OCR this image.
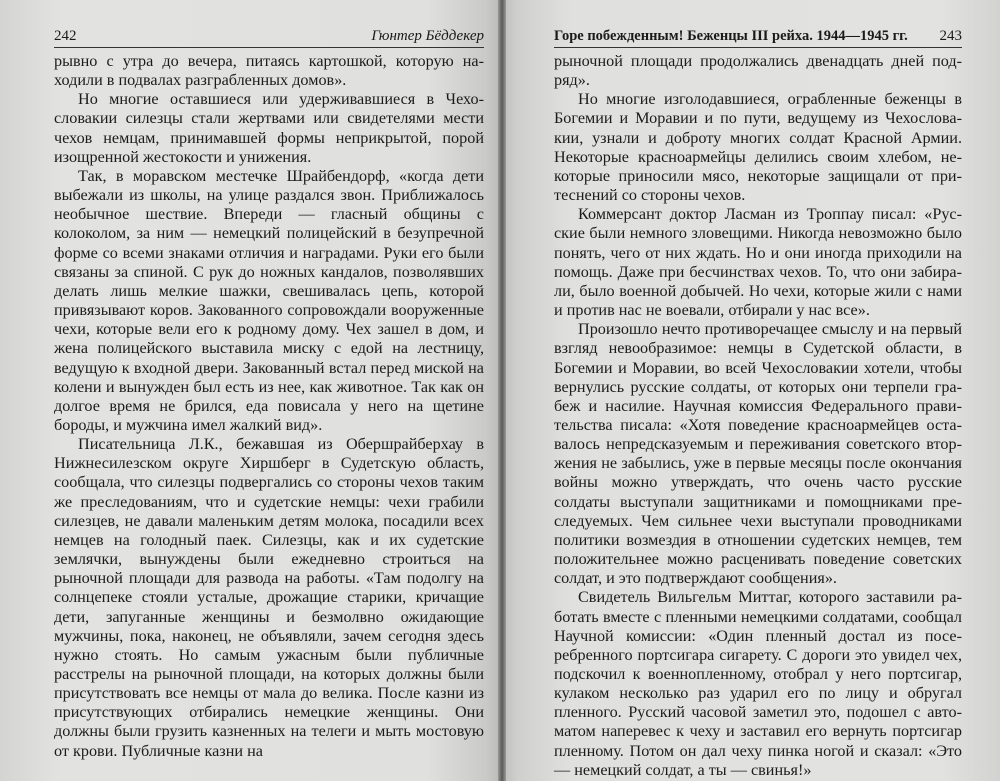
242	Гюнтер Бёддекер

рывно с утра до вечера, питаясь картошкой, которую находили в подвалах разграбленных домов».

Но многие оставшиеся или удерживавшиеся в Чехословакии силезцы стали жертвами или свидетелями мести чехов немцам, принимавшей формы неприкрытой, порой изощренной жестокости и унижения.

Так, в моравском местечке Шрайбендорф, «когда дети выбежали из школы, на улице раздался звон. Приближалось необычное шествие. Впереди — гласный общины с колоколом, за ним — немецкий полицейский в безупречной форме со всеми знаками отличия и наградами. Руки его были связаны за спиной. С рук до ножных кандалов, позволявших делать лишь мелкие шажки, свешивалась цепь, которой привязывают коров. Закованного сопровождали вооруженные чехи, которые вели его к родному дому. Чех зашел в дом, и жена полицейского выставила миску с едой на лестницу, ведущую к входной двери. Закованный встал перед миской на колени и вынужден был есть из нее, как животное. Так как он долгое время не брился, еда повисала у него на щетине бороды, и мужчина имел жалкий вид».

Писательница Л.К., бежавшая из Обершрайберхау в Нижнесилезском округе Хиршберг в Судетскую область, сообщала, что силезцы подвергались со стороны чехов таким же преследованиям, что и судетские немцы: чехи грабили силезцев, не давали маленьким детям молока, посадили всех немцев на голодный паек. Силезцы, как и их судетские землячки, вынуждены были ежедневно строиться на рыночной площади для развода на работы. «Там подолгу на солнцепеке стояли усталые, дрожащие старики, кричащие дети, запуганные женщины и безмолвно ожидающие мужчины, пока, наконец, не объявляли, зачем сегодня здесь нужно стоять. Но самым ужасным были публичные расстрелы на рыночной площади, на которых должны были присутствовать все немцы от мала до велика. После казни из присутствующих отбирались немецкие женщины. Они должны были грузить казненных на телеги и мыть мостовую от крови. Публичные казни на

Горе побежденным! Беженцы III рейха. 1944—1945 гг. 243

рыночной площади продолжались двенадцать дней подряд».

Но многие изголодавшиеся, ограбленные беженцы в Богемии и Моравии и по пути, ведущему из Чехословакии, узнали и доброту многих солдат Красной Армии. Некоторые красноармейцы делились своим хлебом, некоторые приносили мясо, некоторые защищали от притеснений со стороны чехов.

Коммерсант доктор Ласман из Троппау писал: «Русские были немного зловещими. Никогда невозможно было понять, чего от них ждать. Но и они иногда приходили на помощь. Даже при бесчинствах чехов. То, что они забирали, было военной добычей. Но чехи, которые жили с нами и против нас не воевали, отбирали у нас все».

Произошло нечто противоречащее смыслу и на первый взгляд невообразимое: немцы в Судетской области, в Богемии и Моравии, во всей Чехословакии хотели, чтобы вернулись русские солдаты, от которых они терпели грабеж и насилие. Научная комиссия Федерального правительства писала: «Хотя поведение красноармейцев оставалось непредсказуемым и переживания советского вторжения не забылись, уже в первые месяцы после окончания войны можно утверждать, что очень часто русские солдаты выступали защитниками и помощниками преследуемых. Чем сильнее чехи выступали проводниками политики возмездия в отношении судетских немцев, тем положительнее можно расценивать поведение советских солдат, и это подтверждают сообщения».

Свидетель Вильгельм Миттаг, которого заставили работать вместе с пленными немецкими солдатами, сообщал Научной комиссии: «Один пленный достал из посеребренного портсигара сигарету. С дороги это увидел чех, подскочил к военнопленному, отобрал у него портсигар, кулаком несколько раз ударил его по лицу и обругал пленного. Русский часовой заметил это, подошел с автоматом наперевес к чеху и заставил его вернуть портсигар пленному. Потом он дал чеху пинка ногой и сказал: «Это — немецкий солдат, а ты — свинья!»
